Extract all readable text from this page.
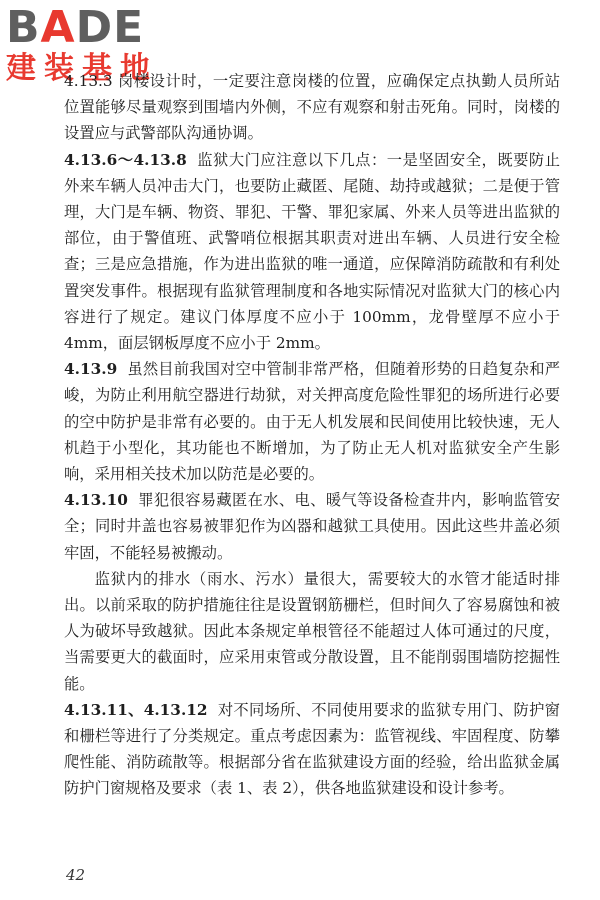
BADE
建装基地

4.13.3 岗楼设计时，一定要注意岗楼的位置，应确保定点执勤人员所站位置能够尽量观察到围墙内外侧，不应有观察和射击死角。同时，岗楼的设置应与武警部队沟通协调。

4.13.6～4.13.8 监狱大门应注意以下几点：一是坚固安全，既要防止外来车辆人员冲击大门，也要防止藏匿、尾随、劫持或越狱；二是便于管理，大门是车辆、物资、罪犯、干警、罪犯家属、外来人员等进出监狱的部位，由于警值班、武警哨位根据其职责对进出车辆、人员进行安全检查；三是应急措施，作为进出监狱的唯一通道，应保障消防疏散和有利处置突发事件。根据现有监狱管理制度和各地实际情况对监狱大门的核心内容进行了规定。建议门体厚度不应小于 100mm，龙骨壁厚不应小于 4mm，面层钢板厚度不应小于 2mm。

4.13.9 虽然目前我国对空中管制非常严格，但随着形势的日趋复杂和严峻，为防止利用航空器进行劫狱，对关押高度危险性罪犯的场所进行必要的空中防护是非常有必要的。由于无人机发展和民间使用比较快速，无人机趋于小型化，其功能也不断增加，为了防止无人机对监狱安全产生影响，采用相关技术加以防范是必要的。

4.13.10 罪犯很容易藏匿在水、电、暖气等设备检查井内，影响监管安全；同时井盖也容易被罪犯作为凶器和越狱工具使用。因此这些井盖必须牢固，不能轻易被搬动。

监狱内的排水（雨水、污水）量很大，需要较大的水管才能适时排出。以前采取的防护措施往往是设置钢筋栅栏，但时间久了容易腐蚀和被人为破坏导致越狱。因此本条规定单根管径不能超过人体可通过的尺度，当需要更大的截面时，应采用束管或分散设置，且不能削弱围墙防挖掘性能。

4.13.11、4.13.12 对不同场所、不同使用要求的监狱专用门、防护窗和栅栏等进行了分类规定。重点考虑因素为：监管视线、牢固程度、防攀爬性能、消防疏散等。根据部分省在监狱建设方面的经验，给出监狱金属防护门窗规格及要求（表 1、表 2），供各地监狱建设和设计参考。

42
